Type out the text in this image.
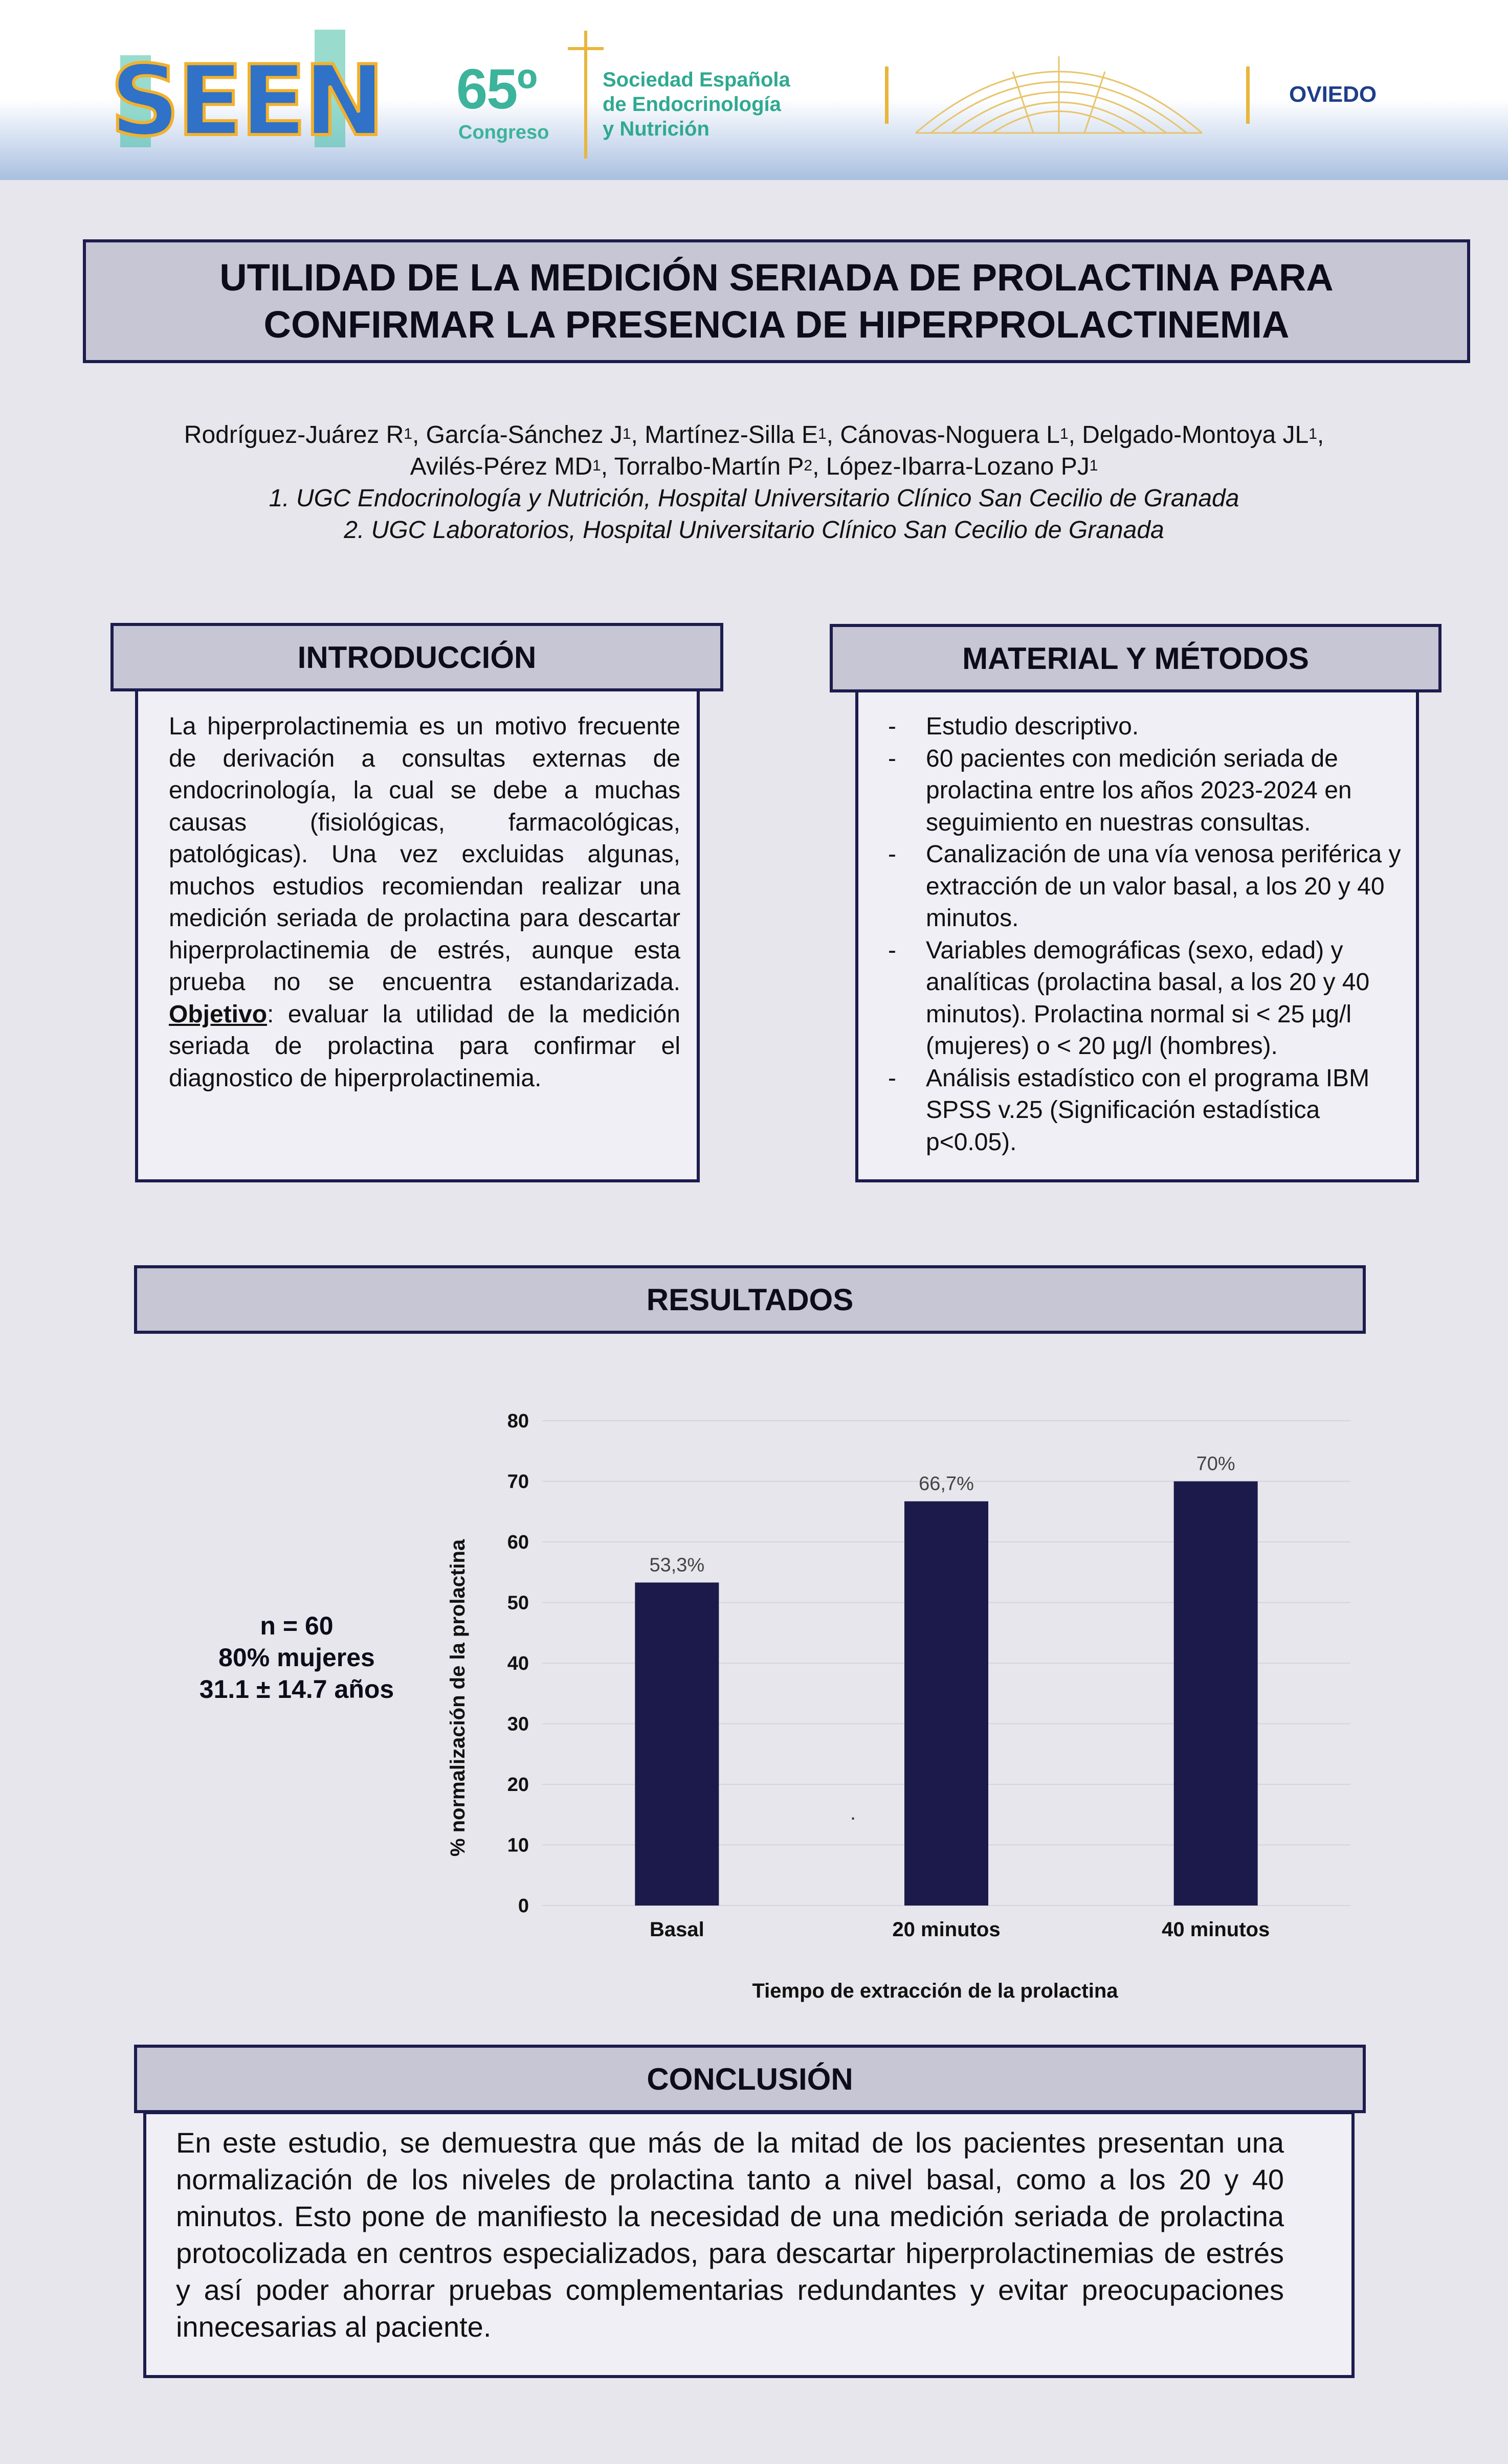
SEEN 65º
Congreso
Sociedad Española
de Endocrinología
y Nutrición
OVIEDO
UTILIDAD DE LA MEDICIÓN SERIADA DE PROLACTINA PARA
CONFIRMAR LA PRESENCIA DE HIPERPROLACTINEMIA
Rodríguez-Juárez $R^1$, García-Sánchez $J^1$, Martínez-Silla $E^1$, Cánovas-Noguera $L^1$, Delgado-Montoya $JL^1$, Avilés-Pérez $MD^1$, Torralbo-Martín $P^2$, López-Ibarra-Lozano $PJ^1$
1. UGC Endocrinología y Nutrición, Hospital Universitario Clínico San Cecilio de Granada
2. UGC Laboratorios, Hospital Universitario Clínico San Cecilio de Granada
La hiperprolactinemia es un motivo frecuente de derivación a consultas externas de endocrinología, la cual se debe a muchas causas (fisiológicas, farmacológicas, patológicas). Una vez excluidas algunas, muchos estudios recomiendan realizar una medición seriada de prolactina para descartar hiperprolactinemia de estrés, aunque esta prueba no se encuentra estandarizada. Objetivo: evaluar la utilidad de la medición seriada de prolactina para confirmar el diagnostico de hiperprolactinemia.
INTRODUCCIÓN
- Estudio descriptivo.
- 60 pacientes con medición seriada de prolactina entre los años 2023-2024 en seguimiento en nuestras consultas.
- Canalización de una vía venosa periférica y extracción de un valor basal, a los 20 y 40 minutos.
- Variables demográficas (sexo, edad) y analíticas (prolactina basal, a los 20 y 40 minutos). Prolactina normal si < 25 µg/l (mujeres) o < 20 µg/l (hombres).
- Análisis estadístico con el programa IBM SPSS v.25 (Significación estadística p<0.05).
MATERIAL Y MÉTODOS
RESULTADOS
n = 60
80% mujeres
31.1 ± 14.7 años
0
10
20
30
40
50
60
70
80
53,3%
66,7%
70%
Basal	20 minutos	40 minutos
Tiempo de extracción de la prolactina
% normalización de la prolactina	.
En este estudio, se demuestra que más de la mitad de los pacientes presentan una normalización de los niveles de prolactina tanto a nivel basal, como a los 20 y 40 minutos. Esto pone de manifiesto la necesidad de una medición seriada de prolactina protocolizada en centros especializados, para descartar hiperprolactinemias de estrés y así poder ahorrar pruebas complementarias redundantes y evitar preocupaciones innecesarias al paciente.
CONCLUSIÓN
